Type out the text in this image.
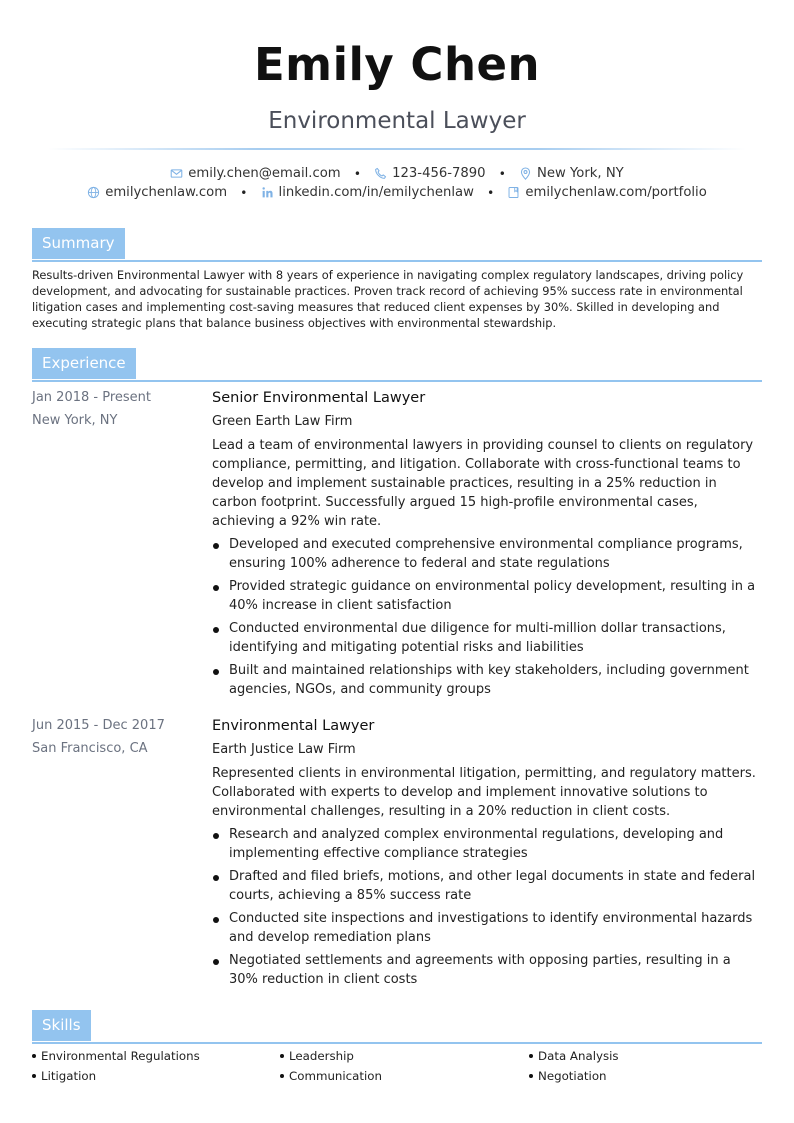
Emily Chen
Environmental Lawyer
emily.chen@email.com • 123-456-7890 • New York, NY
emilychenlaw.com • linkedin.com/in/emilychenlaw • emilychenlaw.com/portfolio
Summary
Results-driven Environmental Lawyer with 8 years of experience in navigating complex regulatory landscapes, driving policy development, and advocating for sustainable practices. Proven track record of achieving 95% success rate in environmental litigation cases and implementing cost-saving measures that reduced client expenses by 30%. Skilled in developing and executing strategic plans that balance business objectives with environmental stewardship.
Experience
Jan 2018 - Present
New York, NY
Senior Environmental Lawyer
Green Earth Law Firm
Lead a team of environmental lawyers in providing counsel to clients on regulatory compliance, permitting, and litigation. Collaborate with cross-functional teams to develop and implement sustainable practices, resulting in a 25% reduction in carbon footprint. Successfully argued 15 high-profile environmental cases, achieving a 92% win rate.
Developed and executed comprehensive environmental compliance programs, ensuring 100% adherence to federal and state regulations
Provided strategic guidance on environmental policy development, resulting in a 40% increase in client satisfaction
Conducted environmental due diligence for multi-million dollar transactions, identifying and mitigating potential risks and liabilities
Built and maintained relationships with key stakeholders, including government agencies, NGOs, and community groups
Jun 2015 - Dec 2017
San Francisco, CA
Environmental Lawyer
Earth Justice Law Firm
Represented clients in environmental litigation, permitting, and regulatory matters. Collaborated with experts to develop and implement innovative solutions to environmental challenges, resulting in a 20% reduction in client costs.
Research and analyzed complex environmental regulations, developing and implementing effective compliance strategies
Drafted and filed briefs, motions, and other legal documents in state and federal courts, achieving a 85% success rate
Conducted site inspections and investigations to identify environmental hazards and develop remediation plans
Negotiated settlements and agreements with opposing parties, resulting in a 30% reduction in client costs
Skills
Environmental Regulations	Leadership	Data Analysis
Litigation	Communication	Negotiation
